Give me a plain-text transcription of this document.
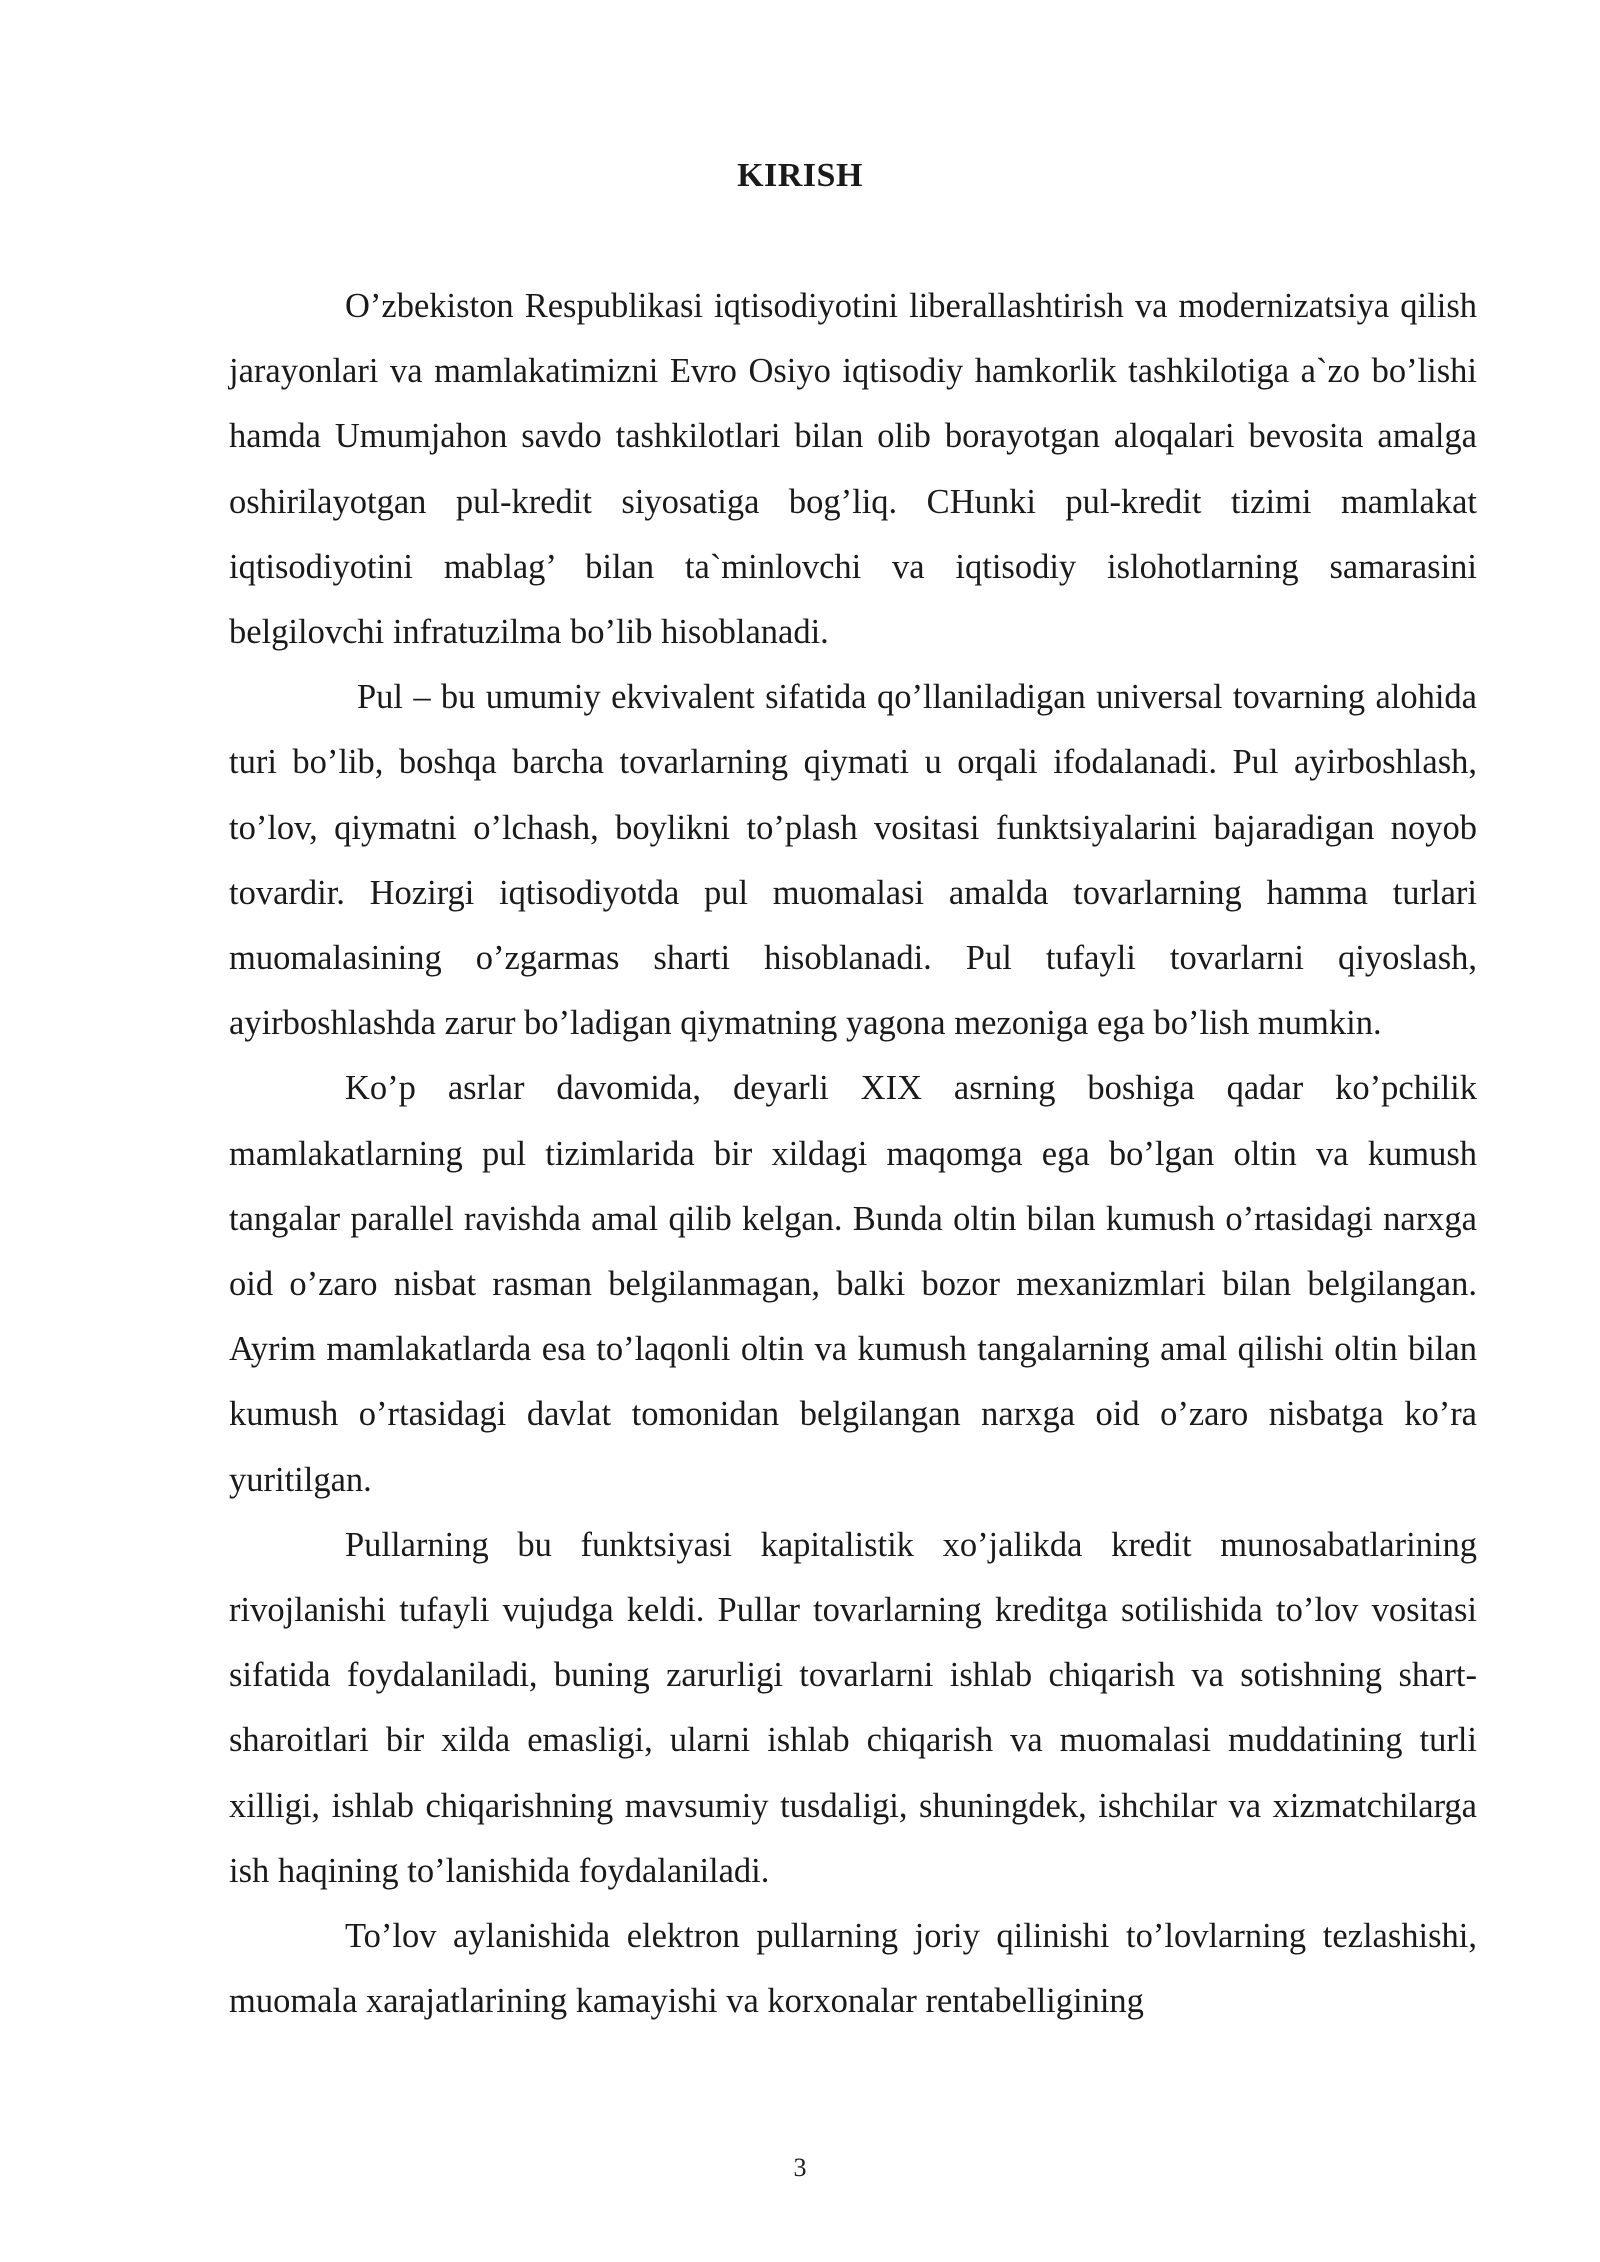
KIRISH

O’zbekiston Respublikasi iqtisodiyotini liberallashtirish va modernizatsiya qilish jarayonlari va mamlakatimizni Evro Osiyo iqtisodiy hamkorlik tashkilotiga a`zo bo’lishi hamda Umumjahon savdo tashkilotlari bilan olib borayotgan aloqalari bevosita amalga oshirilayotgan pul-kredit siyosatiga bog’liq. CHunki pul-kredit tizimi mamlakat iqtisodiyotini mablag’ bilan ta`minlovchi va iqtisodiy islohotlarning samarasini belgilovchi infratuzilma bo’lib hisoblanadi.

Pul – bu umumiy ekvivalent sifatida qo’llaniladigan universal tovarning alohida turi bo’lib, boshqa barcha tovarlarning qiymati u orqali ifodalanadi. Pul ayirboshlash, to’lov, qiymatni o’lchash, boylikni to’plash vositasi funktsiyalarini bajaradigan noyob tovardir. Hozirgi iqtisodiyotda pul muomalasi amalda tovarlarning hamma turlari muomalasining o’zgarmas sharti hisoblanadi. Pul tufayli tovarlarni qiyoslash, ayirboshlashda zarur bo’ladigan qiymatning yagona mezoniga ega bo’lish mumkin.

Ko’p asrlar davomida, deyarli XIX asrning boshiga qadar ko’pchilik mamlakatlarning pul tizimlarida bir xildagi maqomga ega bo’lgan oltin va kumush tangalar parallel ravishda amal qilib kelgan. Bunda oltin bilan kumush o’rtasidagi narxga oid o’zaro nisbat rasman belgilanmagan, balki bozor mexanizmlari bilan belgilangan. Ayrim mamlakatlarda esa to’laqonli oltin va kumush tangalarning amal qilishi oltin bilan kumush o’rtasidagi davlat tomonidan belgilangan narxga oid o’zaro nisbatga ko’ra yuritilgan.

Pullarning bu funktsiyasi kapitalistik xo’jalikda kredit munosabatlarining rivojlanishi tufayli vujudga keldi. Pullar tovarlarning kreditga sotilishida to’lov vositasi sifatida foydalaniladi, buning zarurligi tovarlarni ishlab chiqarish va sotishning shart-sharoitlari bir xilda emasligi, ularni ishlab chiqarish va muomalasi muddatining turli xilligi, ishlab chiqarishning mavsumiy tusdaligi, shuningdek, ishchilar va xizmatchilarga ish haqining to’lanishida foydalaniladi.

To’lov aylanishida elektron pullarning joriy qilinishi to’lovlarning tezlashishi, muomala xarajatlarining kamayishi va korxonalar rentabelligining

3
